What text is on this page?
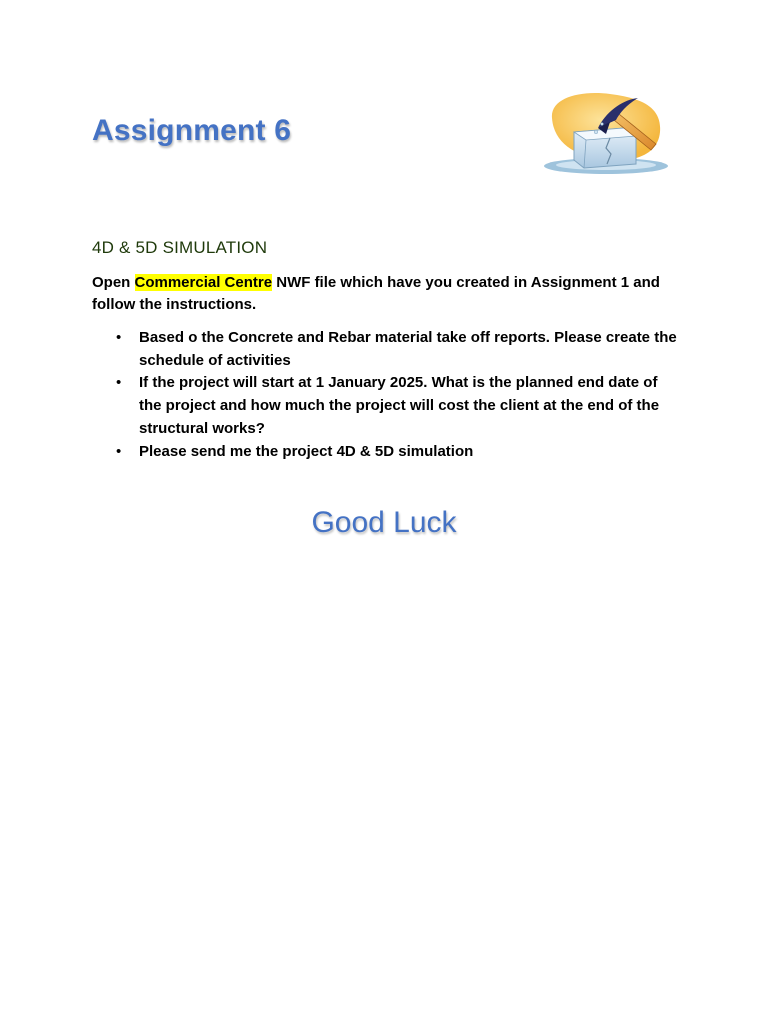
Assignment 6
4D & 5D SIMULATION

Open Commercial Centre NWF file which have you created in Assignment 1 and follow the instructions.

• Based o the Concrete and Rebar material take off reports. Please create the schedule of activities
• If the project will start at 1 January 2025. What is the planned end date of the project and how much the project will cost the client at the end of the structural works?
• Please send me the project 4D & 5D simulation
Good Luck
